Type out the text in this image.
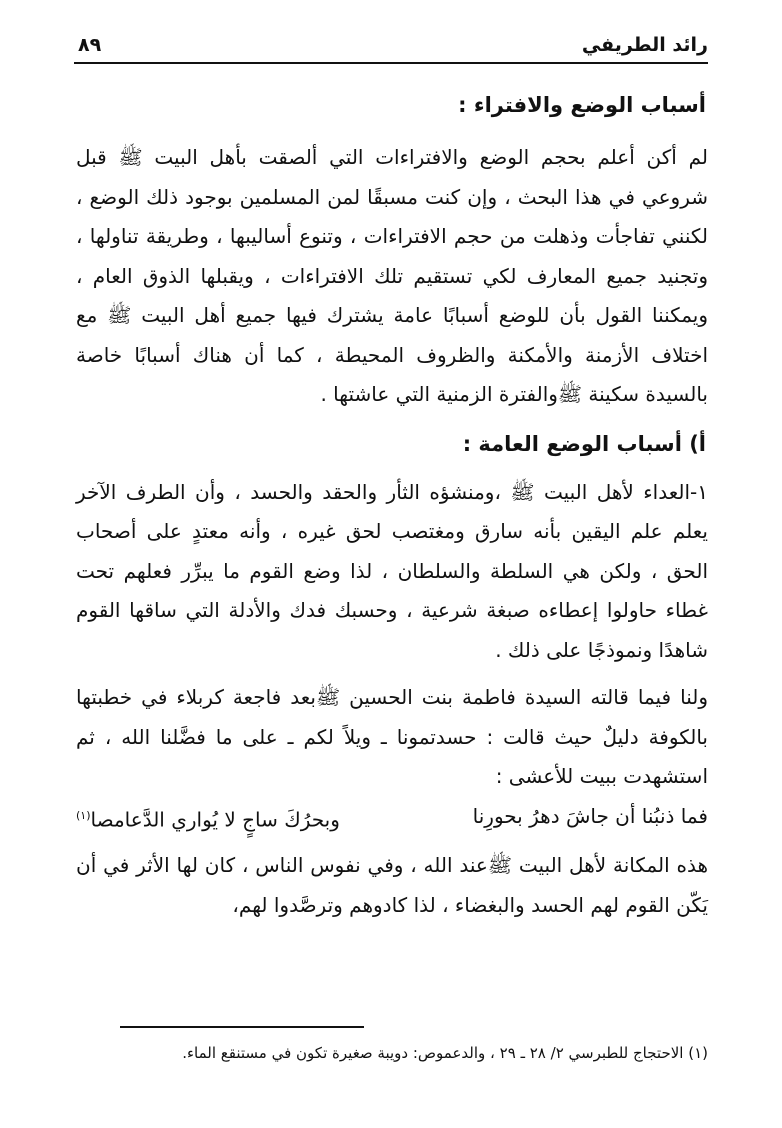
رائد الطريفي
٨٩
أسباب الوضع والافتراء :

لم أكن أعلم بحجم الوضع والافتراءات التي ألصقت بأهل البيت ﷺ قبل شروعي في هذا البحث ، وإن كنت مسبقًا لمن المسلمين بوجود ذلك الوضع ، لكنني تفاجأت وذهلت من حجم الافتراءات ، وتنوع أساليبها ، وطريقة تناولها ، وتجنيد جميع المعارف لكي تستقيم تلك الافتراءات ، ويقبلها الذوق العام ، ويمكننا القول بأن للوضع أسبابًا عامة يشترك فيها جميع أهل البيت ﷺ مع اختلاف الأزمنة والأمكنة والظروف المحيطة ، كما أن هناك أسبابًا خاصة بالسيدة سكينة ﷺوالفترة الزمنية التي عاشتها .

أ) أسباب الوضع العامة :

١-العداء لأهل البيت ﷺ ،ومنشؤه الثأر والحقد والحسد ، وأن الطرف الآخر يعلم علم اليقين بأنه سارق ومغتصب لحق غيره ، وأنه معتدٍ على أصحاب الحق ، ولكن هي السلطة والسلطان ، لذا وضع القوم ما يبرِّر فعلهم تحت غطاء حاولوا إعطاءه صبغة شرعية ، وحسبك فدك والأدلة التي ساقها القوم شاهدًا ونموذجًا على ذلك .

ولنا فيما قالته السيدة فاطمة بنت الحسين ﷺبعد فاجعة كربلاء في خطبتها بالكوفة دليلٌ حيث قالت : حسدتمونا ـ ويلاً لكم ـ على ما فضَّلنا الله ، ثم استشهدت ببيت للأعشى :

فما ذنبُنا أن جاشَ دهرُ بحورِنا
وبحرُكَ ساجٍ لا يُواري الدَّعامصا$^{(١)}$

هذه المكانة لأهل البيت ﷺعند الله ، وفي نفوس الناس ، كان لها الأثر في أن يَكّن القوم لهم الحسد والبغضاء ، لذا كادوهم وترصَّدوا لهم،

(١) الاحتجاج للطبرسي ٢/ ٢٨ ـ ٢٩ ، والدعموص: دويبة صغيرة تكون في مستنقع الماء.
